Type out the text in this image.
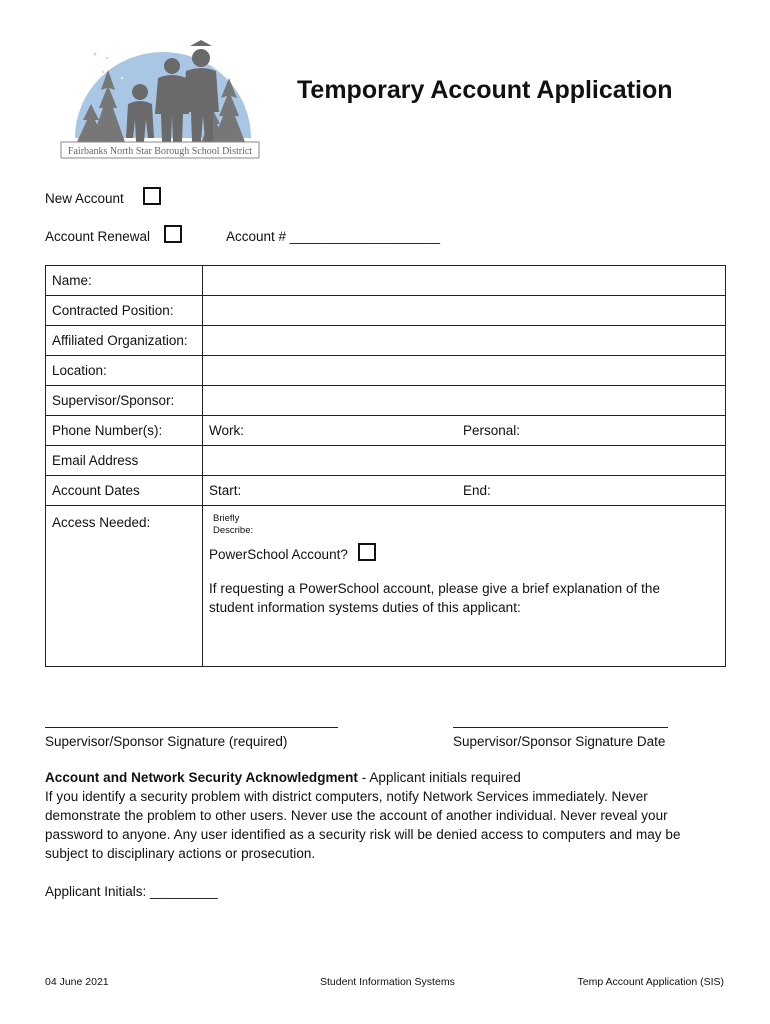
Fairbanks North Star Borough School District
Temporary Account Application
New Account
Account Renewal	Account # ____________________
Name:	
Contracted Position:	
Affiliated Organization:	
Location:	
Supervisor/Sponsor:	
Phone Number(s):	Work: Personal:

Email Address	
Account Dates	Start: End:

Access Needed:	Briefly
Describe:
PowerSchool Account?
If requesting a PowerSchool account, please give a brief explanation of the
student information systems duties of this applicant:
Supervisor/Sponsor Signature (required)	Supervisor/Sponsor Signature Date
Account and Network Security Acknowledgment - Applicant initials required
If you identify a security problem with district computers, notify Network Services immediately. Never
demonstrate the problem to other users. Never use the account of another individual. Never reveal your
password to anyone. Any user identified as a security risk will be denied access to computers and may be
subject to disciplinary actions or prosecution.
Applicant Initials: _________
04 June 2021	Student Information Systems	Temp Account Application (SIS)
